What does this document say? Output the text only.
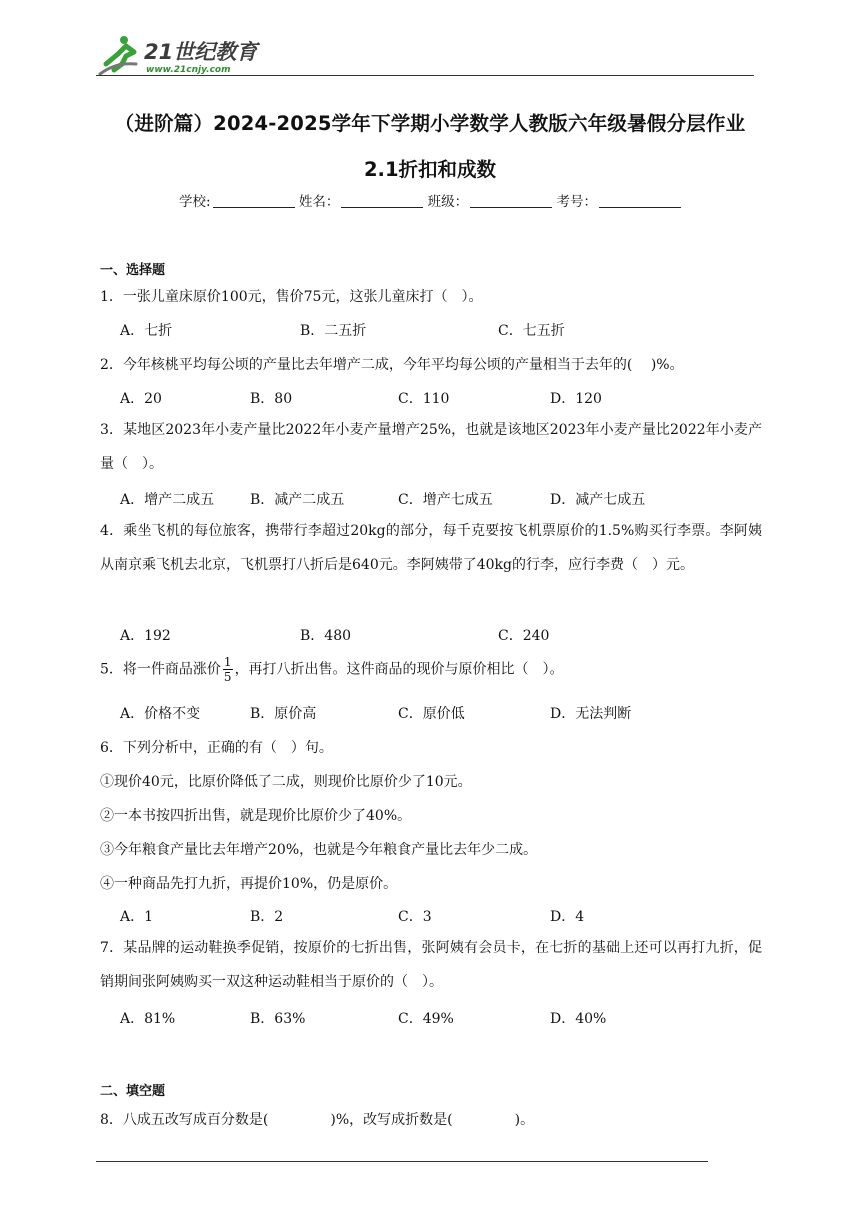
21世纪教育
www.21cnjy.com
（进阶篇）2024-2025学年下学期小学数学人教版六年级暑假分层作业
2.1折扣和成数
学校:	姓名：	班级：	考号：
一、选择题
1．一张儿童床原价100元，售价75元，这张儿童床打（　）。
A．七折	B．二五折	C．七五折
2．今年核桃平均每公顷的产量比去年增产二成，今年平均每公顷的产量相当于去年的(　 )%。
A．20	B．80	C．110	D．120
3．某地区2023年小麦产量比2022年小麦产量增产25%，也就是该地区2023年小麦产量比2022年小麦产量（　）。
A．增产二成五	B．减产二成五	C．增产七成五	D．减产七成五
4．乘坐飞机的每位旅客，携带行李超过20kg的部分，每千克要按飞机票原价的1.5%购买行李票。李阿姨从南京乘飞机去北京，飞机票打八折后是640元。李阿姨带了40kg的行李，应行李费（　）元。
A．192	B．480	C．240
5．将一件商品涨价 $\frac{1}{5}$ ，再打八折出售。这件商品的现价与原价相比（　）。
A．价格不变	B．原价高	C．原价低	D．无法判断
6．下列分析中，正确的有（　）句。
①现价40元，比原价降低了二成，则现价比原价少了10元。
②一本书按四折出售，就是现价比原价少了40%。
③今年粮食产量比去年增产20%，也就是今年粮食产量比去年少二成。
④一种商品先打九折，再提价10%，仍是原价。
A．1	B．2	C．3	D．4
7．某品牌的运动鞋换季促销，按原价的七折出售，张阿姨有会员卡，在七折的基础上还可以再打九折，促销期间张阿姨购买一双这种运动鞋相当于原价的（　）。
A．81%	B．63%	C．49%	D．40%
二、填空题
8．八成五改写成百分数是(	)%，改写成折数是(	)。
